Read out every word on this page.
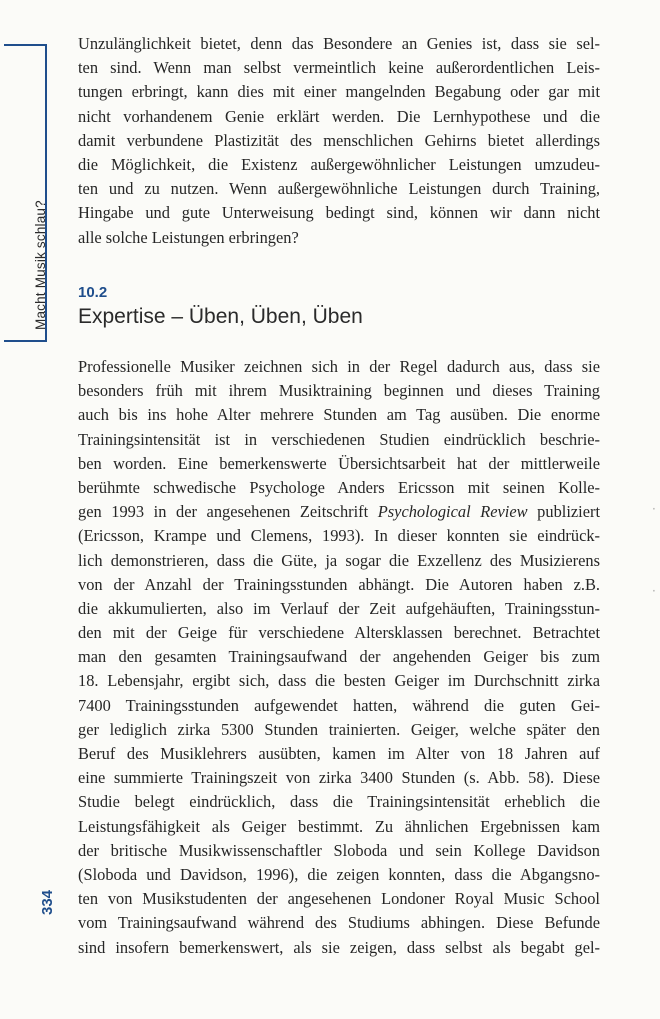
Macht Musik schlau?
334
Unzulänglichkeit bietet, denn das Besondere an Genies ist, dass sie sel-
ten sind. Wenn man selbst vermeintlich keine außerordentlichen Leis-
tungen erbringt, kann dies mit einer mangelnden Begabung oder gar mit
nicht vorhandenem Genie erklärt werden. Die Lernhypothese und die
damit verbundene Plastizität des menschlichen Gehirns bietet allerdings
die Möglichkeit, die Existenz außergewöhnlicher Leistungen umzudeu-
ten und zu nutzen. Wenn außergewöhnliche Leistungen durch Training,
Hingabe und gute Unterweisung bedingt sind, können wir dann nicht
alle solche Leistungen erbringen?
10.2
Expertise – Üben, Üben, Üben
Professionelle Musiker zeichnen sich in der Regel dadurch aus, dass sie
besonders früh mit ihrem Musiktraining beginnen und dieses Training
auch bis ins hohe Alter mehrere Stunden am Tag ausüben. Die enorme
Trainingsintensität ist in verschiedenen Studien eindrücklich beschrie-
ben worden. Eine bemerkenswerte Übersichtsarbeit hat der mittlerweile
berühmte schwedische Psychologe Anders Ericsson mit seinen Kolle-
gen 1993 in der angesehenen Zeitschrift Psychological Review publiziert
(Ericsson, Krampe und Clemens, 1993). In dieser konnten sie eindrück-
lich demonstrieren, dass die Güte, ja sogar die Exzellenz des Musizierens
von der Anzahl der Trainingsstunden abhängt. Die Autoren haben z.B.
die akkumulierten, also im Verlauf der Zeit aufgehäuften, Trainingsstun-
den mit der Geige für verschiedene Altersklassen berechnet. Betrachtet
man den gesamten Trainingsaufwand der angehenden Geiger bis zum
18. Lebensjahr, ergibt sich, dass die besten Geiger im Durchschnitt zirka
7400 Trainingsstunden aufgewendet hatten, während die guten Gei-
ger lediglich zirka 5300 Stunden trainierten. Geiger, welche später den
Beruf des Musiklehrers ausübten, kamen im Alter von 18 Jahren auf
eine summierte Trainingszeit von zirka 3400 Stunden (s. Abb. 58). Diese
Studie belegt eindrücklich, dass die Trainingsintensität erheblich die
Leistungsfähigkeit als Geiger bestimmt. Zu ähnlichen Ergebnissen kam
der britische Musikwissenschaftler Sloboda und sein Kollege Davidson
(Sloboda und Davidson, 1996), die zeigen konnten, dass die Abgangsno-
ten von Musikstudenten der angesehenen Londoner Royal Music School
vom Trainingsaufwand während des Studiums abhingen. Diese Befunde
sind insofern bemerkenswert, als sie zeigen, dass selbst als begabt gel-
·
·
